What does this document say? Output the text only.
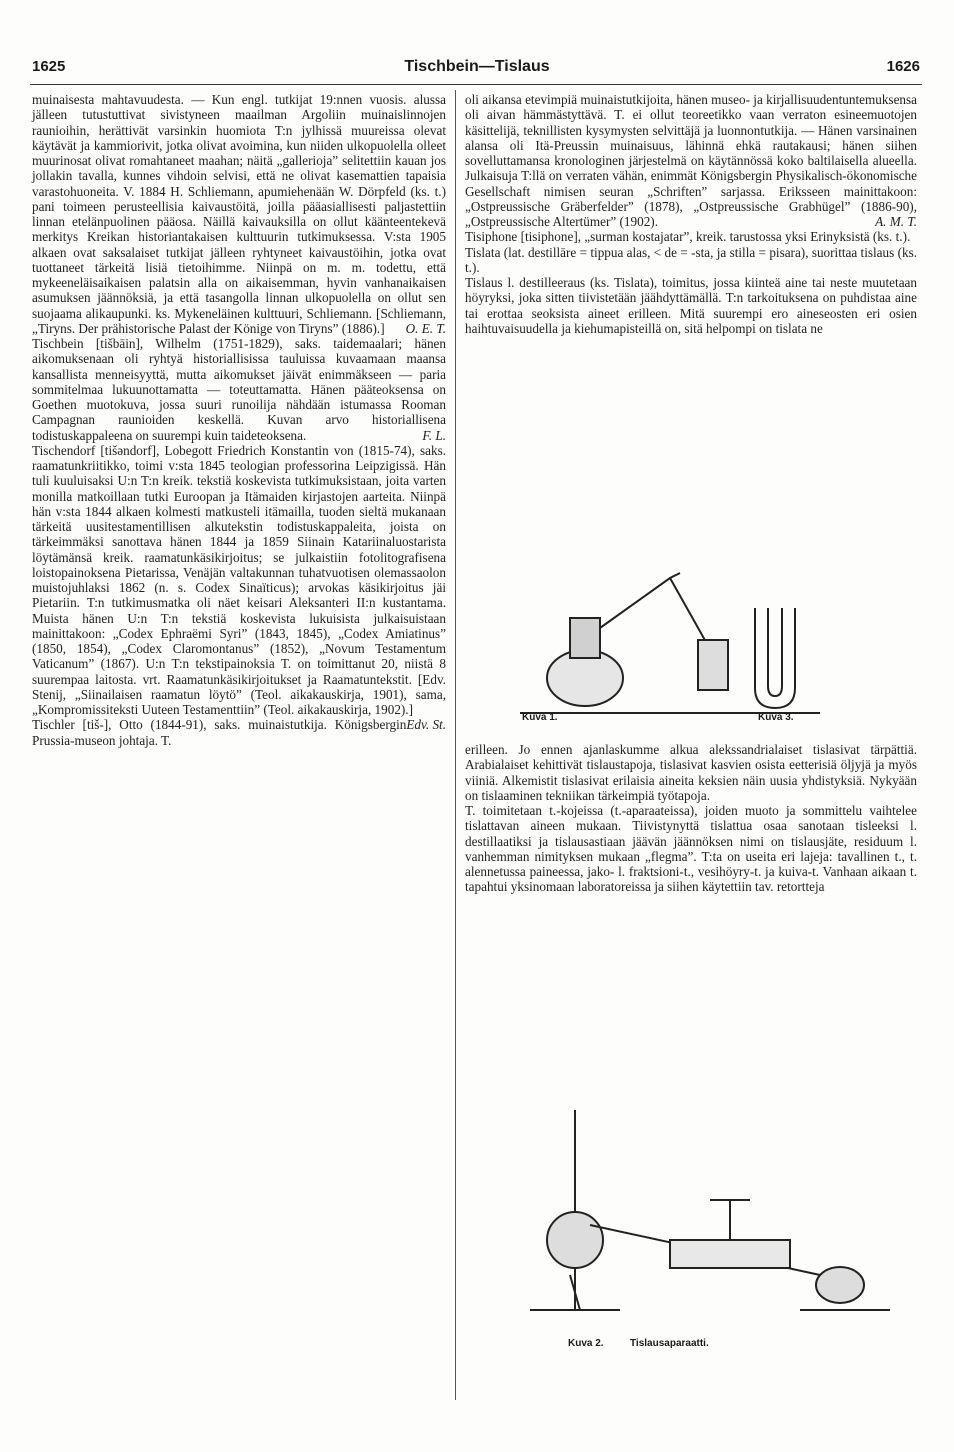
1625	Tischbein—Tislaus	1626

muinaisesta mahtavuudesta. — Kun engl. tutkijat 19:nnen vuosis. alussa jälleen tutustuttivat sivistyneen maailman Argoliin muinaislinnojen raunioihin, herättivät varsinkin huomiota T:n jylhissä muureissa olevat käytävät ja kammiorivit, jotka olivat avoimina, kun niiden ulkopuolella olleet muurinosat olivat romahtaneet maahan; näitä „gallerioja” selitettiin kauan jos jollakin tavalla, kunnes vihdoin selvisi, että ne olivat kasemattien tapaisia varastohuoneita. V. 1884 H. Schliemann, apumiehenään W. Dörpfeld (ks. t.) pani toimeen perusteellisia kaivaustöitä, joilla pääasiallisesti paljastettiin linnan etelänpuolinen pääosa. Näillä kaivauksilla on ollut käänteentekevä merkitys Kreikan historiantakaisen kulttuurin tutkimuksessa. V:sta 1905 alkaen ovat saksalaiset tutkijat jälleen ryhtyneet kaivaustöihin, jotka ovat tuottaneet tärkeitä lisiä tietoihimme. Niinpä on m. m. todettu, että mykeeneläisaikaisen palatsin alla on aikaisemman, hyvin vanhanaikaisen asumuksen jäännöksiä, ja että tasangolla linnan ulkopuolella on ollut sen suojaama alikaupunki. ks. Mykeneläinen kulttuuri, Schliemann. [Schliemann, „Tiryns. Der prähistorische Palast der Könige von Tiryns” (1886).] O. E. T.

Tischbein [tišbāin], Wilhelm (1751-1829), saks. taidemaalari; hänen aikomuksenaan oli ryhtyä historiallisissa tauluissa kuvaamaan maansa kansallista menneisyyttä, mutta aikomukset jäivät enimmäkseen — paria sommitelmaa lukuunottamatta — toteuttamatta. Hänen pääteoksensa on Goethen muotokuva, jossa suuri runoilija nähdään istumassa Rooman Campagnan raunioiden keskellä. Kuvan arvo historiallisena todistuskappaleena on suurempi kuin taideteoksena.	F. L.

Tischendorf [tišəndorf], Lobegott Friedrich Konstantin von (1815-74), saks. raamatunkriitikko, toimi v:sta 1845 teologian professorina Leipzigissä. Hän tuli kuuluisaksi U:n T:n kreik. tekstiä koskevista tutkimuksistaan, joita varten monilla matkoillaan tutki Euroopan ja Itämaiden kirjastojen aarteita. Niinpä hän v:sta 1844 alkaen kolmesti matkusteli itämailla, tuoden sieltä mukanaan tärkeitä uusitestamentillisen alkutekstin todistuskappaleita, joista on tärkeimmäksi sanottava hänen 1844 ja 1859 Siinain Katariinaluostarista löytämänsä kreik. raamatunkäsikirjoitus; se julkaistiin fotolitografisena loistopainoksena Pietarissa, Venäjän valtakunnan tuhatvuotisen olemassaolon muistojuhlaksi 1862 (n. s. Codex Sinaïticus); arvokas käsikirjoitus jäi Pietariin. T:n tutkimusmatka oli näet keisari Aleksanteri II:n kustantama. Muista hänen U:n T:n tekstiä koskevista lukuisista julkaisuistaan mainittakoon: „Codex Ephraëmi Syri” (1843, 1845), „Codex Amiatinus” (1850, 1854), „Codex Claromontanus” (1852), „Novum Testamentum Vaticanum” (1867). U:n T:n tekstipainoksia T. on toimittanut 20, niistä 8 suurempaa laitosta. vrt. Raamatunkäsikirjoitukset ja Raamatuntekstit. [Edv. Stenij, „Siinailaisen raamatun löytö” (Teol. aikakauskirja, 1901), sama, „Kompromissiteksti Uuteen Testamenttiin” (Teol. aikakauskirja, 1902).]
Edv. St.

Tischler [tiš-], Otto (1844-91), saks. muinaistutkija. Königsbergin Prussia-museon johtaja. T.

oli aikansa etevimpiä muinaistutkijoita, hänen museo- ja kirjallisuudentuntemuksensa oli aivan hämmästyttävä. T. ei ollut teoreetikko vaan verraton esineemuotojen käsittelijä, teknillisten kysymysten selvittäjä ja luonnontutkija. — Hänen varsinainen alansa oli Itä-Preussin muinaisuus, lähinnä ehkä rautakausi; hänen siihen sovelluttamansa kronologinen järjestelmä on käytännössä koko baltilaisella alueella. Julkaisuja T:llä on verraten vähän, enimmät Königsbergin Physikalisch-ökonomische Gesellschaft nimisen seuran „Schriften” sarjassa. Eriksseen mainittakoon: „Ostpreussische Gräberfelder” (1878), „Ostpreussische Grabhügel” (1886-90), „Ostpreussische Altertümer” (1902).	A. M. T.

Tisiphone [tisiphone], „surman kostajatar”, kreik. tarustossa yksi Erinyksistä (ks. t.).

Tislata (lat. destillāre = tippua alas, < de = -sta, ja stilla = pisara), suorittaa tislaus (ks. t.).

Tislaus l. destilleeraus (ks. Tislata), toimitus, jossa kiinteä aine tai neste muutetaan höyryksi, joka sitten tiivistetään jäähdyttämällä. T:n tarkoituksena on puhdistaa aine tai erottaa seoksista aineet erilleen. Mitä suurempi ero aineseosten eri osien haihtuvaisuudella ja kiehumapisteillä on, sitä helpompi on tislata ne

Kuva 1.	Kuva 3.

erilleen. Jo ennen ajanlaskumme alkua alekssandrialaiset tislasivat tärpättiä. Arabialaiset kehittivät tislaustapoja, tislasivat kasvien osista eetterisiä öljyjä ja myös viiniä. Alkemistit tislasivat erilaisia aineita keksien näin uusia yhdistyksiä. Nykyään on tislaaminen tekniikan tärkeimpiä työtapoja.

T. toimitetaan t.-kojeissa (t.-aparaateissa), joiden muoto ja sommittelu vaihtelee tislattavan aineen mukaan. Tiivistynyttä tislattua osaa sanotaan tisleeksi l. destillaatiksi ja tislausastiaan jäävän jäännöksen nimi on tislausjäte, residuum l. vanhemman nimityksen mukaan „flegma”. T:ta on useita eri lajeja: tavallinen t., t. alennetussa paineessa, jako- l. fraktsioni-t., vesihöyry-t. ja kuiva-t. Vanhaan aikaan t. tapahtui yksinomaan laboratoreissa ja siihen käytettiin tav. retortteja

Kuva 2.	Tislausaparaatti.
